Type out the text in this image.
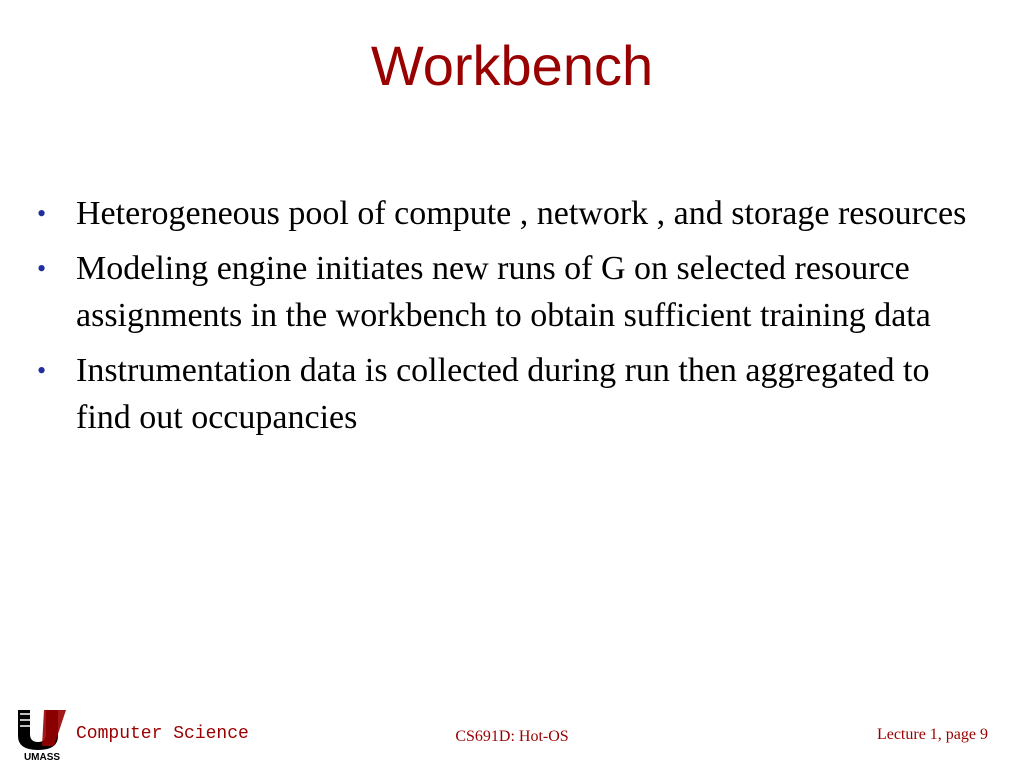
Workbench
• Heterogeneous pool of compute , network , and storage resources
• Modeling engine initiates new runs of G on selected resource assignments in the workbench to obtain sufficient training data
• Instrumentation data is collected during run then aggregated to find out occupancies
UMASS
Computer Science	CS691D: Hot-OS	Lecture 1, page 9
